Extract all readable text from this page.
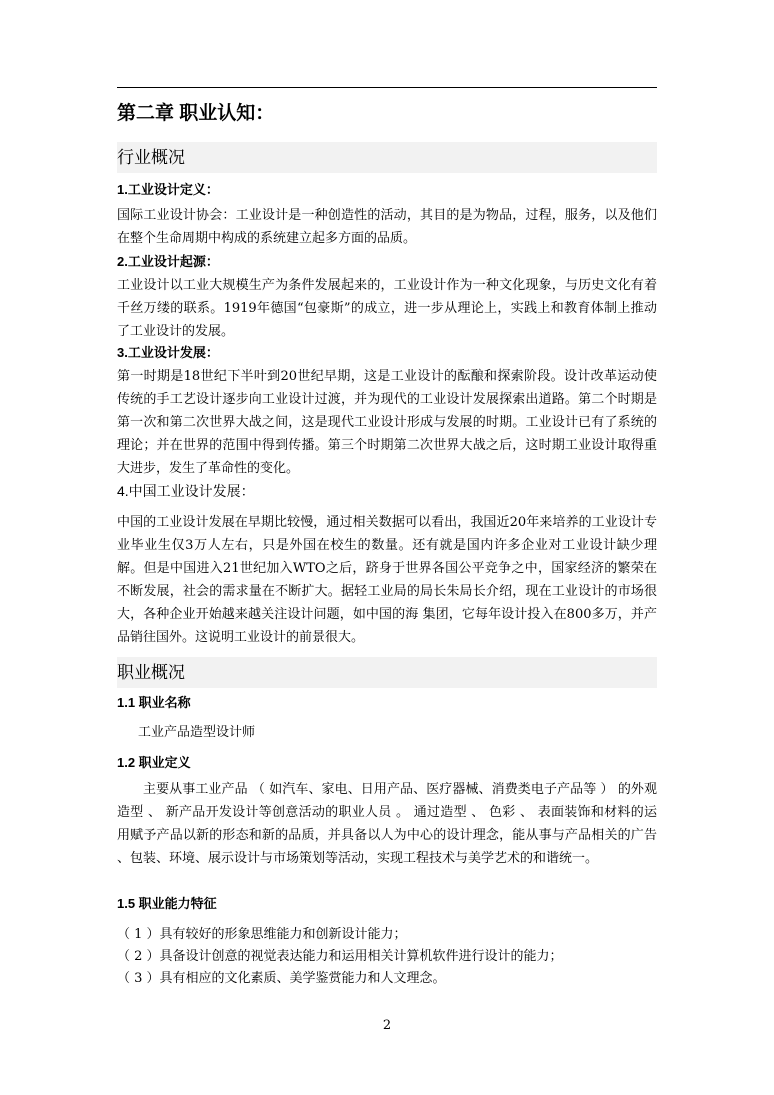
第二章 职业认知：
行业概况
1.工业设计定义：
国际工业设计协会：工业设计是一种创造性的活动，其目的是为物品，过程，服务，以及他们在整个生命周期中构成的系统建立起多方面的品质。
2.工业设计起源：
工业设计以工业大规模生产为条件发展起来的，工业设计作为一种文化现象，与历史文化有着千丝万缕的联系。1919年德国“包豪斯”的成立，进一步从理论上，实践上和教育体制上推动了工业设计的发展。
3.工业设计发展：
第一时期是18世纪下半叶到20世纪早期，这是工业设计的酝酿和探索阶段。设计改革运动使传统的手工艺设计逐步向工业设计过渡，并为现代的工业设计发展探索出道路。第二个时期是第一次和第二次世界大战之间，这是现代工业设计形成与发展的时期。工业设计已有了系统的理论；并在世界的范围中得到传播。第三个时期第二次世界大战之后，这时期工业设计取得重大进步，发生了革命性的变化。
4.中国工业设计发展：
中国的工业设计发展在早期比较慢，通过相关数据可以看出，我国近20年来培养的工业设计专业毕业生仅3万人左右，只是外国在校生的数量。还有就是国内许多企业对工业设计缺少理解。但是中国进入21世纪加入WTO之后，跻身于世界各国公平竞争之中，国家经济的繁荣在不断发展，社会的需求量在不断扩大。据轻工业局的局长朱局长介绍，现在工业设计的市场很大，各种企业开始越来越关注设计问题，如中国的海 集团，它每年设计投入在800多万，并产品销往国外。这说明工业设计的前景很大。
职业概况
1.1 职业名称
工业产品造型设计师
1.2 职业定义
主要从事工业产品 （ 如汽车、家电、日用产品、医疗器械、消费类电子产品等 ） 的外观造型 、 新产品开发设计等创意活动的职业人员 。 通过造型 、 色彩 、 表面装饰和材料的运用赋予产品以新的形态和新的品质，并具备以人为中心的设计理念，能从事与产品相关的广告 、包装、环境、展示设计与市场策划等活动，实现工程技术与美学艺术的和谐统一。
1.5 职业能力特征
（ 1 ）具有较好的形象思维能力和创新设计能力；
（ 2 ）具备设计创意的视觉表达能力和运用相关计算机软件进行设计的能力；
（ 3 ）具有相应的文化素质、美学鉴赏能力和人文理念。
2
